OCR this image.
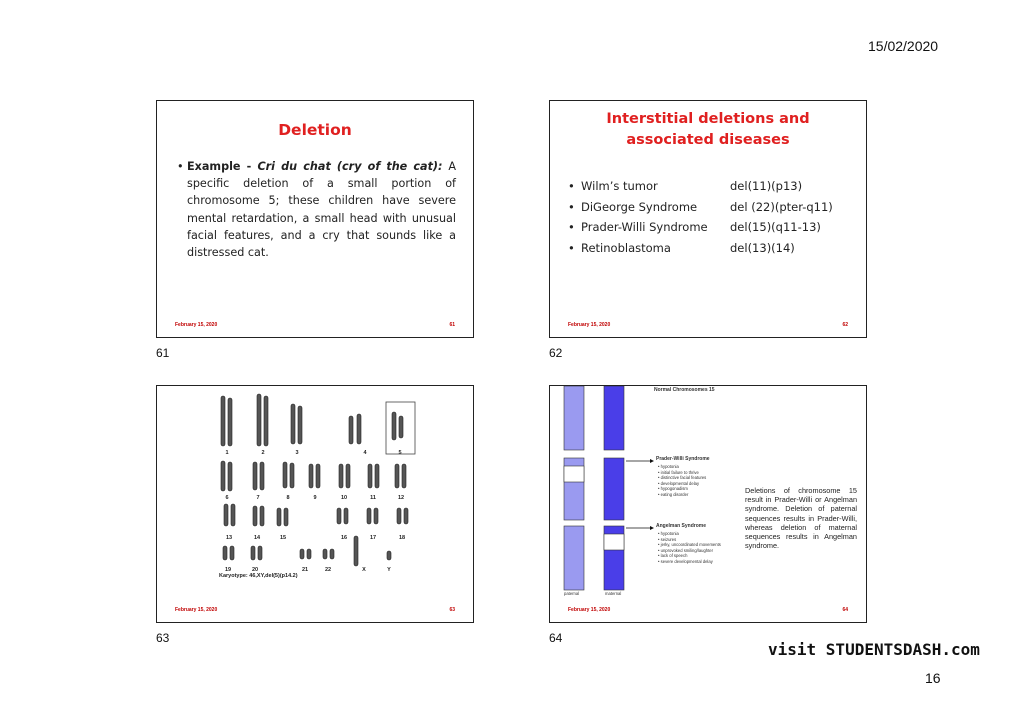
15/02/2020
Deletion
• Example - Cri du chat (cry of the cat): A specific deletion of a small portion of chromosome 5; these children have severe mental retardation, a small head with unusual facial features, and a cry that sounds like a distressed cat.
February 15, 2020	61
61
Interstitial deletions and associated diseases
• Wilm’s tumor	del(11)(p13)
• DiGeorge Syndrome	del (22)(pter-q11)
• Prader-Willi Syndrome del(15)(q11-13)
• Retinoblastoma	del(13)(14)
February 15, 2020	62
62
1	2	3	4	5
6	7	8	9	10	11	12
13	14	15	16	17	18
19	20	21	22	X	Y
Karyotype: 46,XY,del(5)(p14.2)
February 15, 2020	63
63
Normal Chromosomes 15
Prader-Willi Syndrome
• hypotonia
• initial failure to thrive
• distinctive facial features
• developmental delay
• hypogonadism
• eating disorder
Angelman Syndrome
• hypotonia
• seizures
• jerky, uncoordinated movements
• unprovoked smiling/laughter
• lack of speech
• severe developmental delay
Deletions of chromosome 15 result in Prader-Willi or Angelman syndrome. Deletion of paternal sequences results in Prader-Willi, whereas deletion of maternal sequences results in Angelman syndrome.
paternal	maternal
February 15, 2020	64
64
visit STUDENTSDASH.com
16
